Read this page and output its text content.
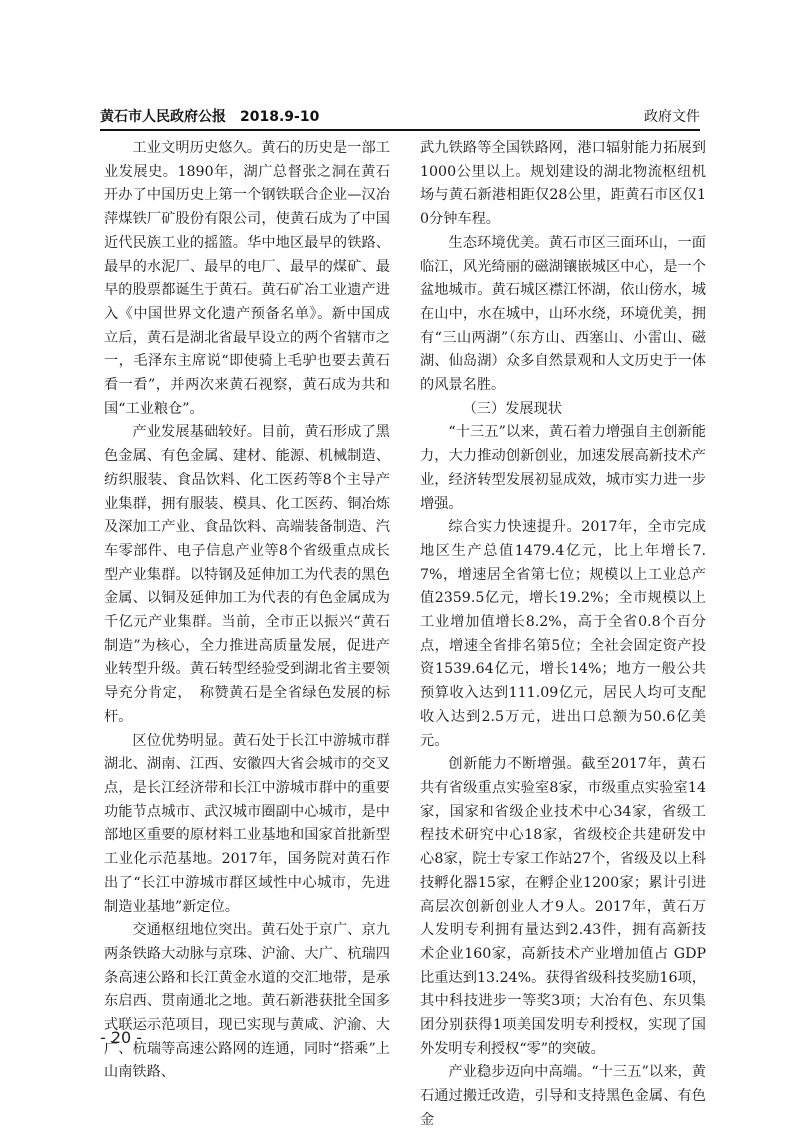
黄石市人民政府公报　2018.9-10	政府文件

工业文明历史悠久。黄石的历史是一部工业发展史。1890年，湖广总督张之洞在黄石开办了中国历史上第一个钢铁联合企业—汉冶萍煤铁厂矿股份有限公司，使黄石成为了中国近代民族工业的摇篮。华中地区最早的铁路、最早的水泥厂、最早的电厂、最早的煤矿、最早的股票都诞生于黄石。黄石矿冶工业遗产进入《中国世界文化遗产预备名单》。新中国成立后，黄石是湖北省最早设立的两个省辖市之一，毛泽东主席说“即使骑上毛驴也要去黄石看一看”，并两次来黄石视察，黄石成为共和国“工业粮仓”。

产业发展基础较好。目前，黄石形成了黑色金属、有色金属、建材、能源、机械制造、纺织服装、食品饮料、化工医药等8个主导产业集群，拥有服装、模具、化工医药、铜冶炼及深加工产业、食品饮料、高端装备制造、汽车零部件、电子信息产业等8个省级重点成长型产业集群。以特钢及延伸加工为代表的黑色金属、以铜及延伸加工为代表的有色金属成为千亿元产业集群。当前，全市正以振兴“黄石制造”为核心，全力推进高质量发展，促进产业转型升级。黄石转型经验受到湖北省主要领导充分肯定，　称赞黄石是全省绿色发展的标杆。

区位优势明显。黄石处于长江中游城市群湖北、湖南、江西、安徽四大省会城市的交叉点，是长江经济带和长江中游城市群中的重要功能节点城市、武汉城市圈副中心城市，是中部地区重要的原材料工业基地和国家首批新型工业化示范基地。2017年，国务院对黄石作出了“长江中游城市群区域性中心城市，先进制造业基地”新定位。

交通枢纽地位突出。黄石处于京广、京九两条铁路大动脉与京珠、沪渝、大广、杭瑞四条高速公路和长江黄金水道的交汇地带，是承东启西、贯南通北之地。黄石新港获批全国多式联运示范项目，现已实现与黄咸、沪渝、大广、杭瑞等高速公路网的连通，同时“搭乘”上山南铁路、

武九铁路等全国铁路网，港口辐射能力拓展到1000公里以上。规划建设的湖北物流枢纽机场与黄石新港相距仅28公里，距黄石市区仅10分钟车程。

生态环境优美。黄石市区三面环山，一面临江，风光绮丽的磁湖镶嵌城区中心，是一个盆地城市。黄石城区襟江怀湖，依山傍水，城在山中，水在城中，山环水绕，环境优美，拥有“三山两湖”（东方山、西塞山、小雷山、磁湖、仙岛湖）众多自然景观和人文历史于一体的风景名胜。

（三）发展现状

“十三五”以来，黄石着力增强自主创新能力，大力推动创新创业，加速发展高新技术产业，经济转型发展初显成效，城市实力进一步增强。

综合实力快速提升。2017年，全市完成地区生产总值1479.4亿元，比上年增长7.7%，增速居全省第七位；规模以上工业总产值2359.5亿元，增长19.2%；全市规模以上工业增加值增长8.2%，高于全省0.8个百分点，增速全省排名第5位；全社会固定资产投资1539.64亿元，增长14%；地方一般公共预算收入达到111.09亿元，居民人均可支配收入达到2.5万元，进出口总额为50.6亿美元。

创新能力不断增强。截至2017年，黄石共有省级重点实验室8家，市级重点实验室14家，国家和省级企业技术中心34家，省级工程技术研究中心18家，省级校企共建研发中心8家，院士专家工作站27个，省级及以上科技孵化器15家，在孵企业1200家；累计引进高层次创新创业人才9人。2017年，黄石万人发明专利拥有量达到2.43件，拥有高新技术企业160家，高新技术产业增加值占 GDP 比重达到13.24%。获得省级科技奖励16项，其中科技进步一等奖3项；大冶有色、东贝集团分别获得1项美国发明专利授权，实现了国外发明专利授权“零”的突破。

产业稳步迈向中高端。“十三五”以来，黄石通过搬迁改造，引导和支持黑色金属、有色金

- 20 -
